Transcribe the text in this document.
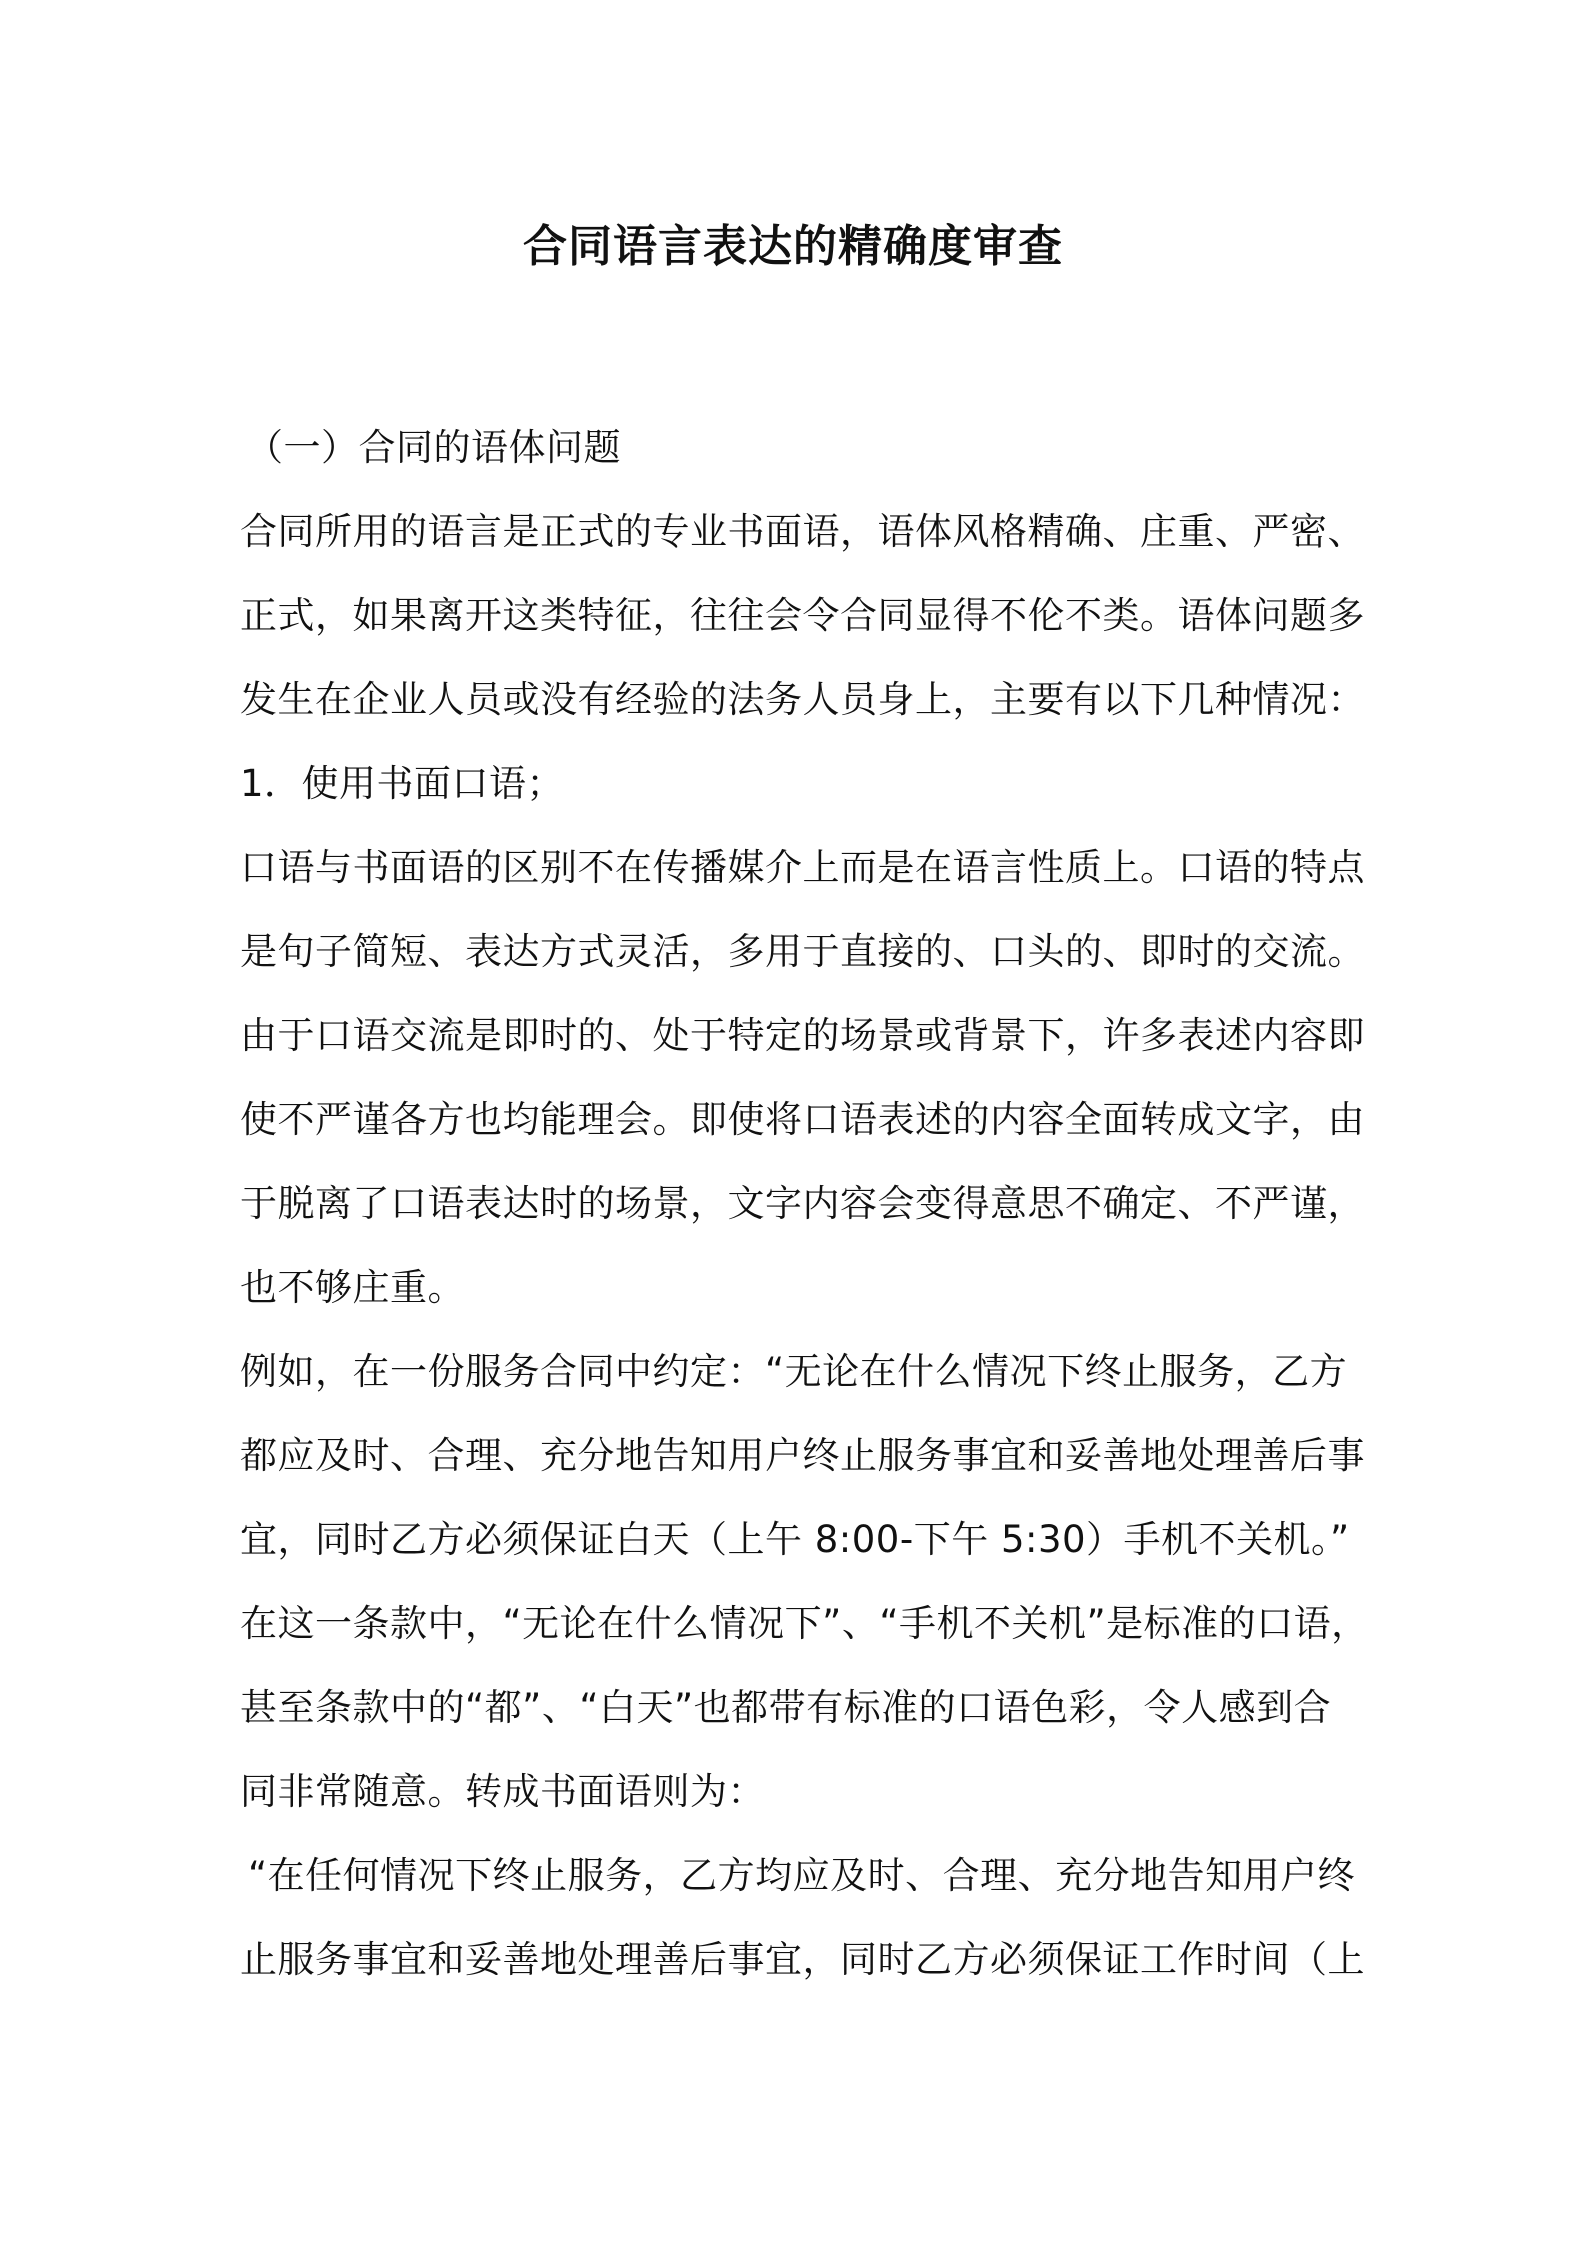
合同语言表达的精确度审查
（一）合同的语体问题
合同所用的语言是正式的专业书面语，语体风格精确、庄重、严密、
正式，如果离开这类特征，往往会令合同显得不伦不类。语体问题多
发生在企业人员或没有经验的法务人员身上，主要有以下几种情况：
1．使用书面口语；
口语与书面语的区别不在传播媒介上而是在语言性质上。口语的特点
是句子简短、表达方式灵活，多用于直接的、口头的、即时的交流。
由于口语交流是即时的、处于特定的场景或背景下，许多表述内容即
使不严谨各方也均能理会。即使将口语表述的内容全面转成文字，由
于脱离了口语表达时的场景，文字内容会变得意思不确定、不严谨，
也不够庄重。
例如，在一份服务合同中约定：“无论在什么情况下终止服务，乙方
都应及时、合理、充分地告知用户终止服务事宜和妥善地处理善后事
宜，同时乙方必须保证白天（上午 8:00-下午 5:30）手机不关机。”
在这一条款中，“无论在什么情况下”、“手机不关机”是标准的口语，
甚至条款中的“都”、“白天”也都带有标准的口语色彩，令人感到合
同非常随意。转成书面语则为：
“在任何情况下终止服务，乙方均应及时、合理、充分地告知用户终
止服务事宜和妥善地处理善后事宜，同时乙方必须保证工作时间（上
